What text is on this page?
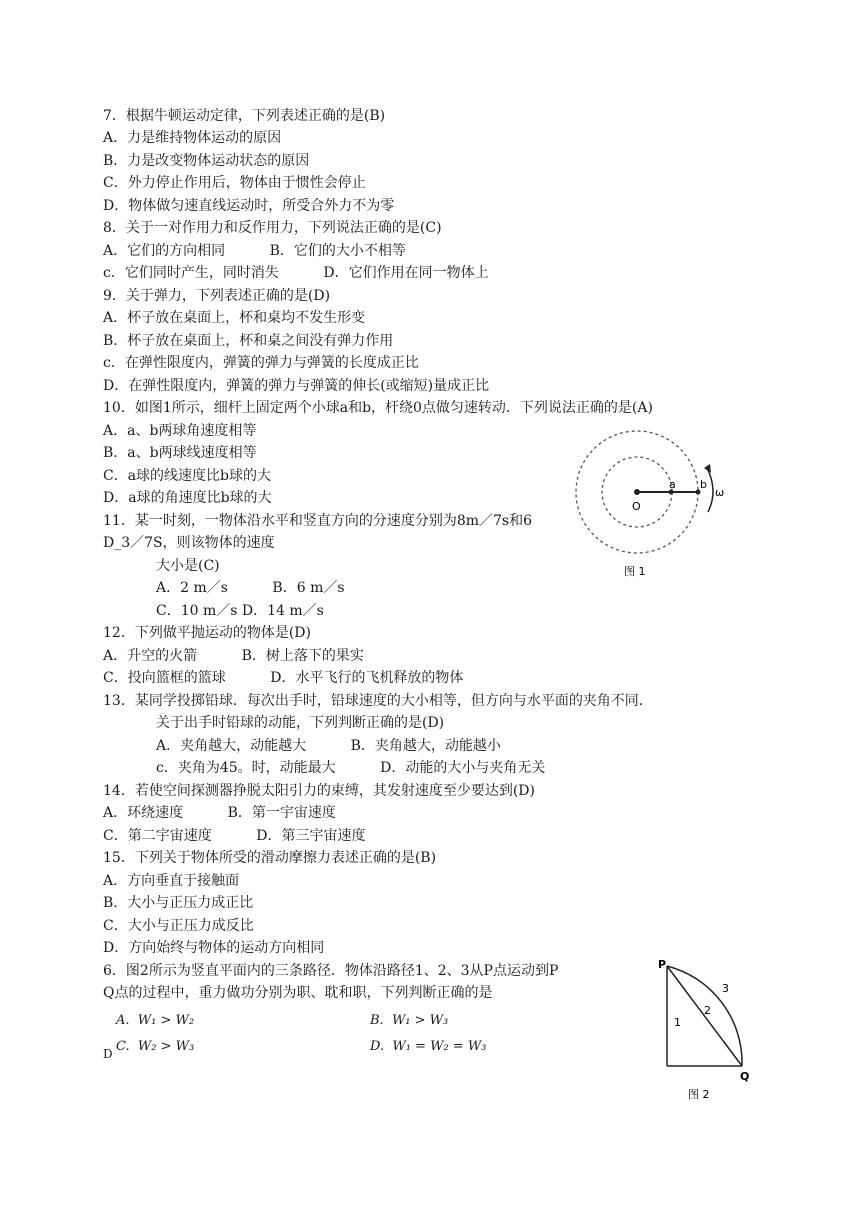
7．根据牛顿运动定律，下列表述正确的是(B)
A．力是维持物体运动的原因
B．力是改变物体运动状态的原因
C．外力停止作用后，物体由于惯性会停止
D．物体做匀速直线运动时，所受合外力不为零
8．关于一对作用力和反作用力，下列说法正确的是(C)
A．它们的方向相同          B．它们的大小不相等
c．它们同时产生，同时消失          D．它们作用在同一物体上
9．关于弹力，下列表述正确的是(D)
A．杯子放在桌面上，杯和桌均不发生形变
B．杯子放在桌面上，杯和桌之间没有弹力作用
c．在弹性限度内，弹簧的弹力与弹簧的长度成正比
D．在弹性限度内，弹簧的弹力与弹簧的伸长(或缩短)量成正比
10．如图1所示，细杆上固定两个小球a和b，杆绕0点做匀速转动．下列说法正确的是(A)
A．a、b两球角速度相等
B．a、b两球线速度相等
C．a球的线速度比b球的大
D．a球的角速度比b球的大
11．某一时刻，一物体沿水平和竖直方向的分速度分别为8m／7s和6
D_3／7S，则该物体的速度
大小是(C)
A．2 m／s          B．6 m／s
C．10 m／s D．14 m／s
12．下列做平抛运动的物体是(D)
A．升空的火箭          B．树上落下的果实
C．投向篮框的篮球          D．水平飞行的飞机释放的物体
13．某同学投掷铅球．每次出手时，铅球速度的大小相等，但方向与水平面的夹角不同．
关于出手时铅球的动能，下列判断正确的是(D)
A．夹角越大，动能越大          B．夹角越大，动能越小
c．夹角为45。时，动能最大          D．动能的大小与夹角无关
14．若使空间探测器挣脱太阳引力的束缚，其发射速度至少要达到(D)
A．环绕速度          B．第一宇宙速度
C．第二宇宙速度          D．第三宇宙速度
15．下列关于物体所受的滑动摩擦力表述正确的是(B)
A．方向垂直于接触面
B．大小与正压力成正比
C．大小与正压力成反比
D．方向始终与物体的运动方向相同
6．图2所示为竖直平面内的三条路径．物体沿路径1、2、3从P点运动到P
Q点的过程中，重力做功分别为职、耽和职，下列判断正确的是
A.  W₁ > W₂	B.  W₁ > W₃
C.  W₂ > W₃	D.  W₁ = W₂ = W₃
D
O
a b
ω
图 1
P
Q
1
2
3
图 2
